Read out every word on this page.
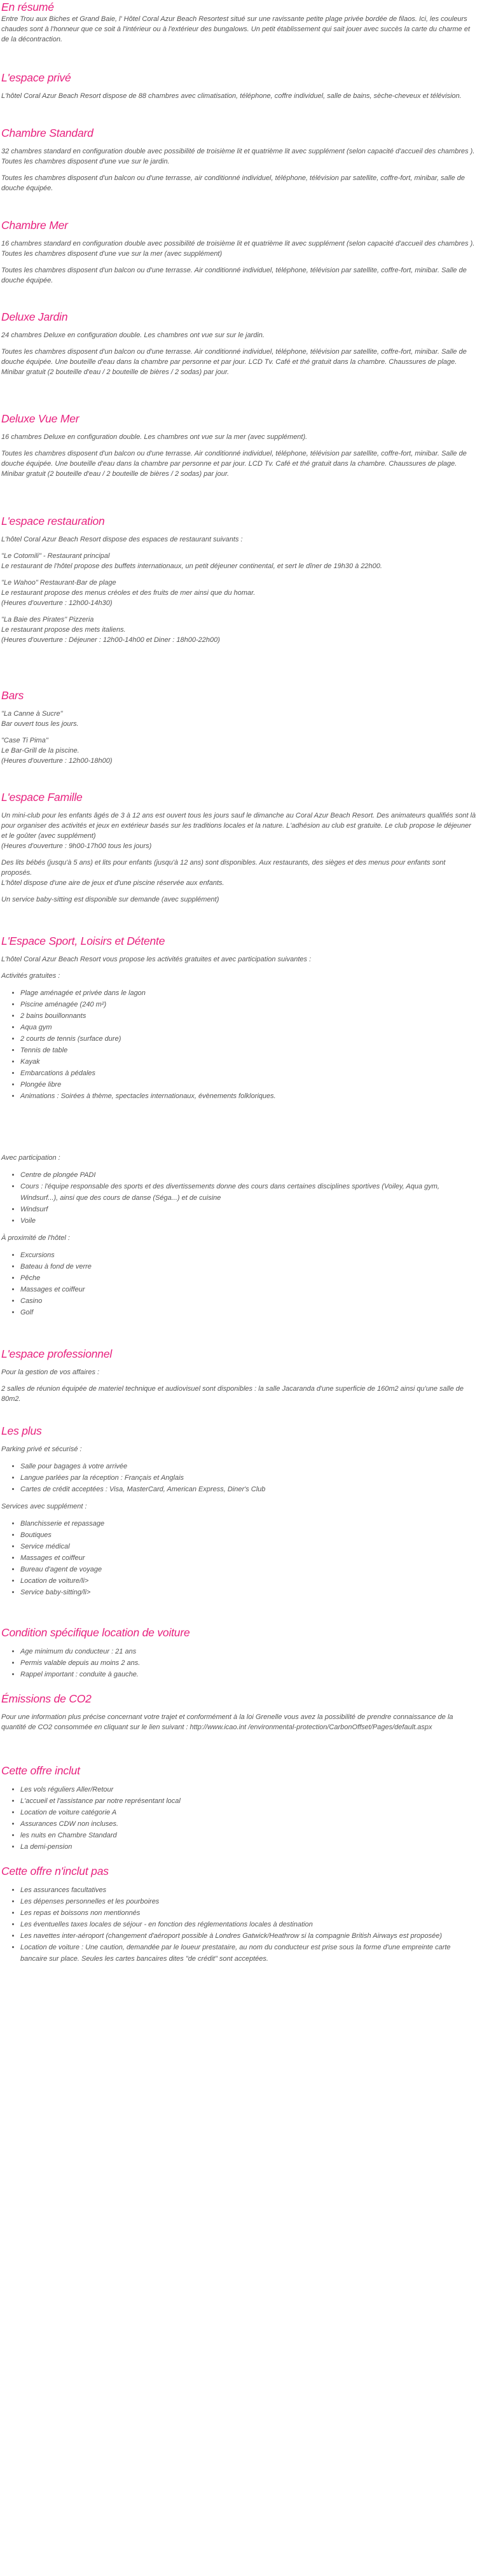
En résumé

Entre Trou aux Biches et Grand Baie, l' Hôtel Coral Azur Beach Resortest situé sur une ravissante petite plage privée bordée de filaos. Ici, les couleurs chaudes sont à l'honneur que ce soit à l'intérieur ou à l'extérieur des bungalows. Un petit établissement qui sait jouer avec succès la carte du charme et de la décontraction.

L'espace privé

L'hôtel Coral Azur Beach Resort dispose de 88 chambres avec climatisation, téléphone, coffre individuel, salle de bains, sèche-cheveux et télévision.

Chambre Standard

32 chambres standard en configuration double avec possibilité de troisième lit et quatrième lit avec supplément (selon capacité d'accueil des chambres ). Toutes les chambres disposent d'une vue sur le jardin.

Toutes les chambres disposent d'un balcon ou d'une terrasse, air conditionné individuel, téléphone, télévision par satellite, coffre-fort, minibar, salle de douche équipée.

Chambre Mer

16 chambres standard en configuration double avec possibilité de troisième lit et quatrième lit avec supplément (selon capacité d'accueil des chambres ). Toutes les chambres disposent d'une vue sur la mer (avec supplément)

Toutes les chambres disposent d'un balcon ou d'une terrasse. Air conditionné individuel, téléphone, télévision par satellite, coffre-fort, minibar. Salle de douche équipée.

Deluxe Jardin

24 chambres Deluxe en configuration double. Les chambres ont vue sur sur le jardin.

Toutes les chambres disposent d'un balcon ou d'une terrasse. Air conditionné individuel, téléphone, télévision par satellite, coffre-fort, minibar. Salle de douche équipée. Une bouteille d'eau dans la chambre par personne et par jour. LCD Tv. Café et thé gratuit dans la chambre. Chaussures de plage. Minibar gratuit (2 bouteille d'eau / 2 bouteille de bières / 2 sodas) par jour.

Deluxe Vue Mer

16 chambres Deluxe en configuration double. Les chambres ont vue sur la mer (avec supplément).

Toutes les chambres disposent d'un balcon ou d'une terrasse. Air conditionné individuel, téléphone, télévision par satellite, coffre-fort, minibar. Salle de douche équipée. Une bouteille d'eau dans la chambre par personne et par jour. LCD Tv. Café et thé gratuit dans la chambre. Chaussures de plage. Minibar gratuit (2 bouteille d'eau / 2 bouteille de bières / 2 sodas) par jour.

L'espace restauration

L'hôtel Coral Azur Beach Resort dispose des espaces de restaurant suivants :

"Le Cotomili" - Restaurant principal

Le restaurant de l'hôtel propose des buffets internationaux, un petit déjeuner continental, et sert le dîner de 19h30 à 22h00.

"Le Wahoo" Restaurant-Bar de plage

Le restaurant propose des menus créoles et des fruits de mer ainsi que du homar.

(Heures d'ouverture : 12h00-14h30)

"La Baie des Pirates" Pizzeria

Le restaurant propose des mets italiens.

(Heures d'ouverture : Déjeuner : 12h00-14h00 et Diner : 18h00-22h00)

Bars

"La Canne à Sucre"

Bar ouvert tous les jours.

"Case Ti Pima"

Le Bar-Grill de la piscine.

(Heures d'ouverture : 12h00-18h00)

L'espace Famille

Un mini-club pour les enfants âgés de 3 à 12 ans est ouvert tous les jours sauf le dimanche au Coral Azur Beach Resort. Des animateurs qualifiés sont là pour organiser des activités et jeux en extérieur basés sur les traditions locales et la nature. L'adhésion au club est gratuite. Le club propose le déjeuner et le goûter (avec supplément)

(Heures d'ouverture : 9h00-17h00 tous les jours)

Des lits bébés (jusqu'à 5 ans) et lits pour enfants (jusqu'à 12 ans) sont disponibles. Aux restaurants, des sièges et des menus pour enfants sont proposés.

L'hôtel dispose d'une aire de jeux et d'une piscine réservée aux enfants.

Un service baby-sitting est disponible sur demande (avec supplément)

L'Espace Sport, Loisirs et Détente

L'hôtel Coral Azur Beach Resort vous propose les activités gratuites et avec participation suivantes :

Activités gratuites :

• Plage aménagée et privée dans le lagon
• Piscine aménagée (240 m²)
• 2 bains bouillonnants
• Aqua gym
• 2 courts de tennis (surface dure)
• Tennis de table
• Kayak
• Embarcations à pédales
• Plongée libre
• Animations : Soirées à thème, spectacles internationaux, évènements folkloriques.

Avec participation :

• Centre de plongée PADI
• Cours : l'équipe responsable des sports et des divertissements donne des cours dans certaines disciplines sportives (Voiley, Aqua gym, Windsurf...), ainsi que des cours de danse (Séga...) et de cuisine
• Windsurf
• Voile

À proximité de l'hôtel :

• Excursions
• Bateau à fond de verre
• Pêche
• Massages et coiffeur
• Casino
• Golf
L'espace professionnel

Pour la gestion de vos affaires :

2 salles de réunion équipée de materiel technique et audiovisuel sont disponibles : la salle Jacaranda d'une superficie de 160m2 ainsi qu'une salle de 80m2.

Les plus

Parking privé et sécurisé :

• Salle pour bagages à votre arrivée
• Langue parlées par la réception : Français et Anglais
• Cartes de crédit acceptées : Visa, MasterCard, American Express, Diner's Club

Services avec supplément :

• Blanchisserie et repassage
• Boutiques
• Service médical
• Massages et coiffeur
• Bureau d'agent de voyage
• Location de voiture/li>
• Service baby-sitting/li>
Condition spécifique location de voiture
• Age minimum du conducteur : 21 ans
• Permis valable depuis au moins 2 ans.
• Rappel important : conduite à gauche.
Émissions de CO2

Pour une information plus précise concernant votre trajet et conformément à la loi Grenelle vous avez la possibilité de prendre connaissance de la quantité de CO2 consommée en cliquant sur le lien suivant : http://www.icao.int /environmental-protection/CarbonOffset/Pages/default.aspx

Cette offre inclut
• Les vols réguliers Aller/Retour
• L'accueil et l'assistance par notre représentant local
• Location de voiture catégorie A
• Assurances CDW non incluses.
• les nuits en Chambre Standard
• La demi-pension
Cette offre n'inclut pas
• Les assurances facultatives
• Les dépenses personnelles et les pourboires
• Les repas et boissons non mentionnés
• Les éventuelles taxes locales de séjour - en fonction des réglementations locales à destination
• Les navettes inter-aéroport (changement d'aéroport possible à Londres Gatwick/Heathrow si la compagnie British Airways est proposée)
• Location de voiture : Une caution, demandée par le loueur prestataire, au nom du conducteur est prise sous la forme d'une empreinte carte bancaire sur place. Seules les cartes bancaires dites "de crédit" sont acceptées.
